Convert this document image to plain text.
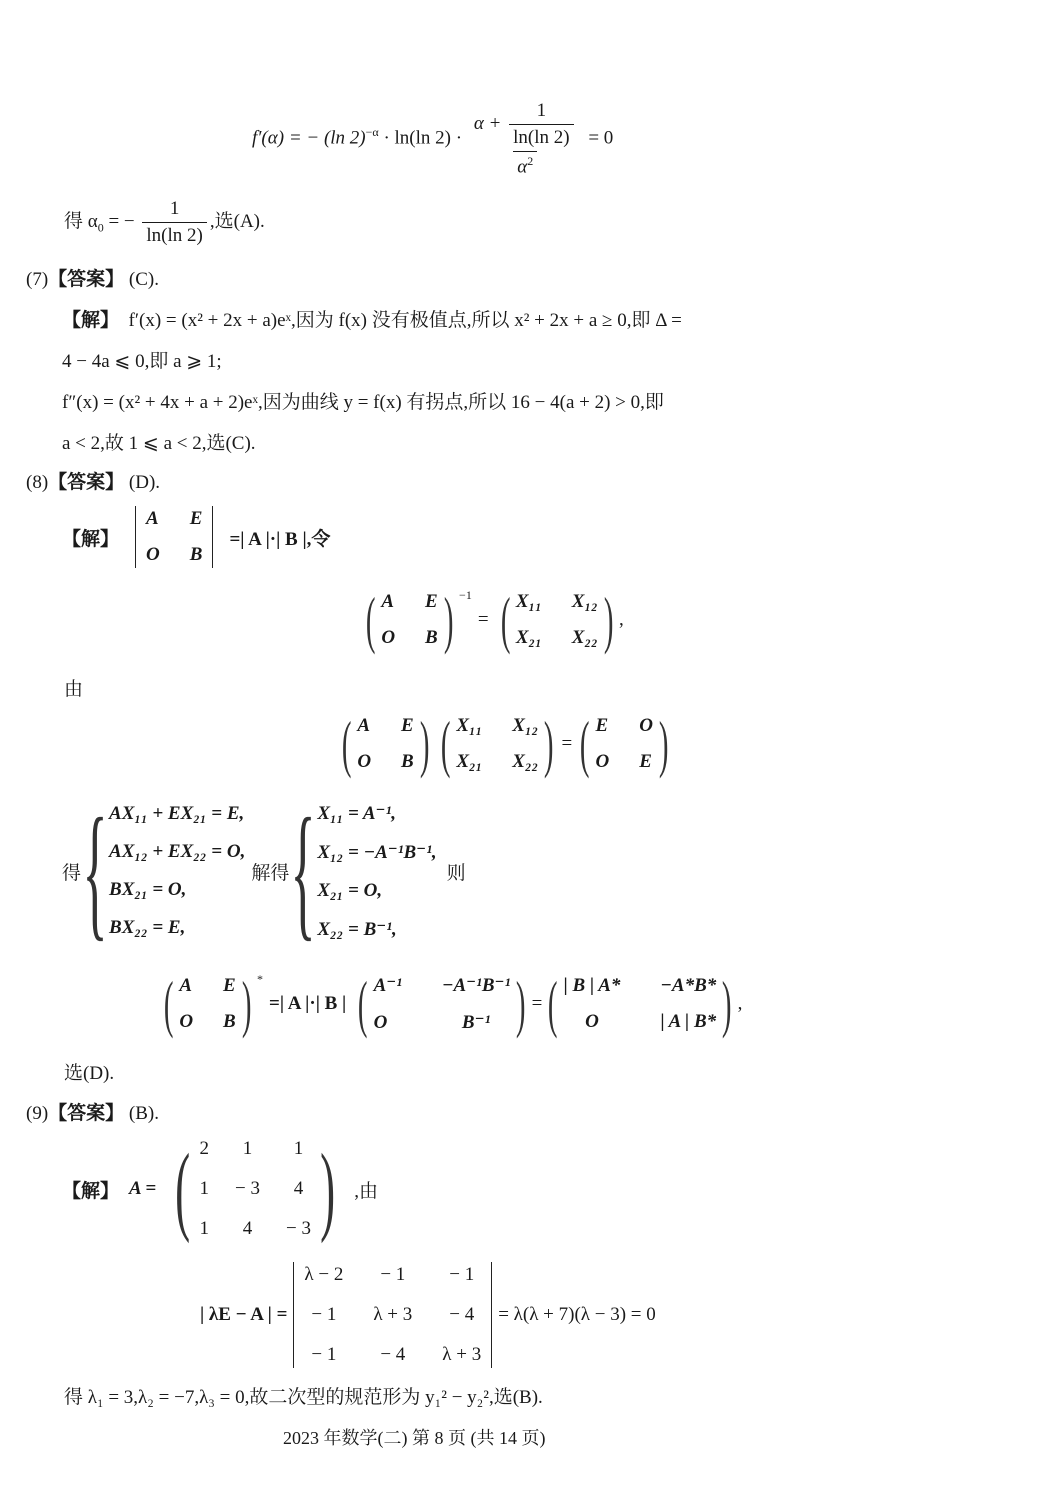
f′(α) = − (ln 2)$^{-\alpha}$ · ln(ln $2) \cdot \frac{\alpha + \frac{1}{\ln(\ln 2)}}{\alpha^2} = 0$
得 $\alpha_0$ = − $\frac{1}{\ln(\ln 2)}$ ,选(A).
(7)【答案】 (C).
【解】 f′(x) = (x² + 2x + a)eˣ,因为 f(x) 没有极值点,所以 x² + 2x + a ≥ 0,即 Δ =
4 − 4a ⩽ 0,即 a ⩾ 1;
f″(x) = (x² + 4x + a + 2)eˣ,因为曲线 y = f(x) 有拐点,所以 16 − 4(a + 2) > 0,即
a < 2,故 1 ⩽ a < 2,选(C).
(8)【答案】 (D).
【解】
A E
O B
=| A |·| B |,令
( A E
O B ) $^{-1}$
= ( X₁₁ X₁₂
X₂₁ X₂₂ ) ,
由
( A E
O B ) ( X₁₁ X₁₂
X₂₁ X₂₂ ) = ( E O
O E )
得 { AX₁₁ + EX₂₁ = E,
AX₁₂ + EX₂₂ = O,
BX₂₁ = O,
BX₂₂ = E,
解得 { X₁₁ = A⁻¹,
X₁₂ = −A⁻¹B⁻¹,
X₂₁ = O,
X₂₂ = B⁻¹,
则
( A E
O B ) *
=| A |·| B | ( A⁻¹ −A⁻¹B⁻¹
O	B⁻¹ ) = ( | B | A* −A*B*
O	| A | B* ) ,
选(D).
(9)【答案】 (B).
【解】 A = ( 2 1 1
1 − 3 4
1 4 − 3 ) ,由
| λE − A | =
λ − 2 − 1 − 1
− 1 λ + 3 − 4
− 1 − 4 λ + 3
= λ(λ + 7)(λ − 3) = 0
得 λ₁ = 3,λ₂ = −7,λ₃ = 0,故二次型的规范形为 y₁² − y₂²,选(B).
2023 年数学(二) 第 8 页 (共 14 页)
